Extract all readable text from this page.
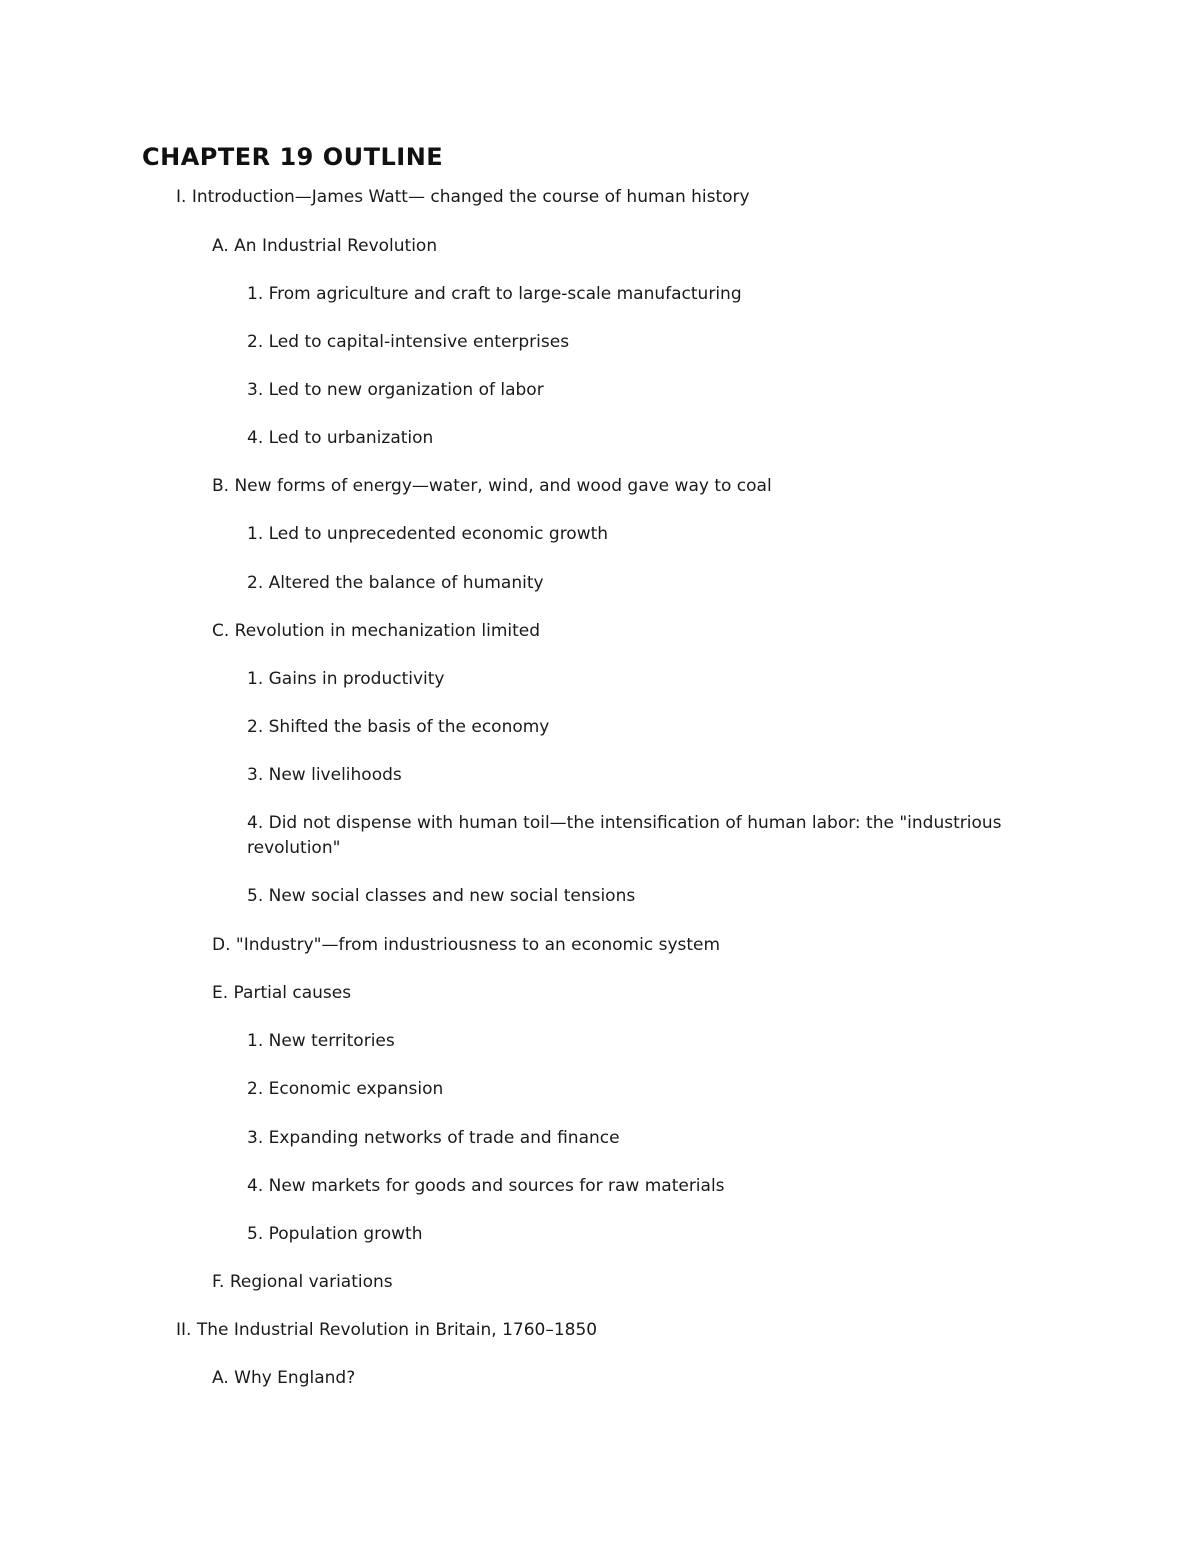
CHAPTER 19 OUTLINE
I. Introduction—James Watt— changed the course of human history
A. An Industrial Revolution
1. From agriculture and craft to large-scale manufacturing
2. Led to capital-intensive enterprises
3. Led to new organization of labor
4. Led to urbanization
B. New forms of energy—water, wind, and wood gave way to coal
1. Led to unprecedented economic growth
2. Altered the balance of humanity
C. Revolution in mechanization limited
1. Gains in productivity
2. Shifted the basis of the economy
3. New livelihoods
4. Did not dispense with human toil—the intensification of human labor: the "industrious revolution"
5. New social classes and new social tensions
D. "Industry"—from industriousness to an economic system
E. Partial causes
1. New territories
2. Economic expansion
3. Expanding networks of trade and finance
4. New markets for goods and sources for raw materials
5. Population growth
F. Regional variations
II. The Industrial Revolution in Britain, 1760–1850
A. Why England?
